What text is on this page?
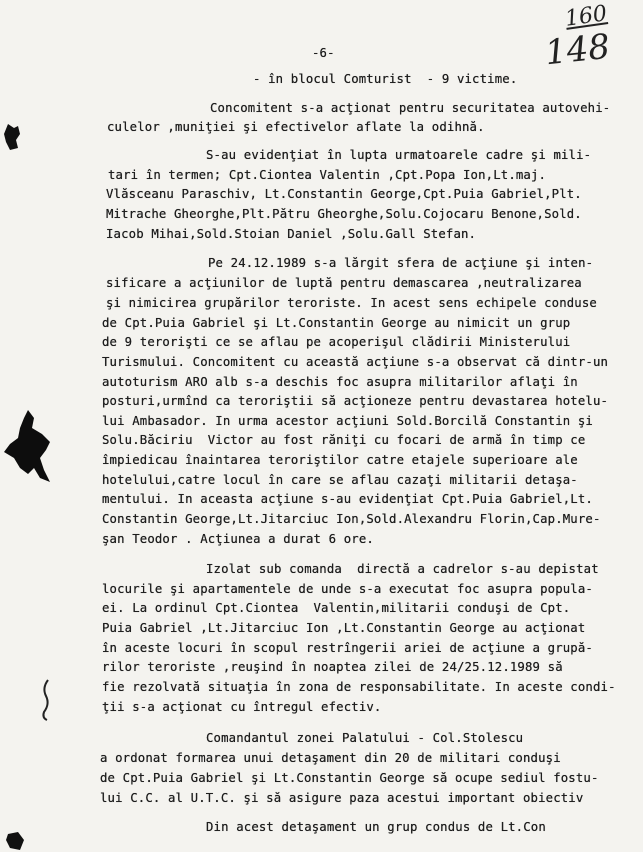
160
148
-6-
- în blocul Comturist  - 9 victime.
Concomitent s-a acţionat pentru securitatea autovehi-
culelor ,muniţiei şi efectivelor aflate la odihnă.
S-au evidenţiat în lupta urmatoarele cadre şi mili-
tari în termen; Cpt.Ciontea Valentin ,Cpt.Popa Ion,Lt.maj.
Vlăsceanu Paraschiv, Lt.Constantin George,Cpt.Puia Gabriel,Plt.
Mitrache Gheorghe,Plt.Pătru Gheorghe,Solu.Cojocaru Benone,Sold.
Iacob Mihai,Sold.Stoian Daniel ,Solu.Gall Stefan.
Pe 24.12.1989 s-a lărgit sfera de acţiune şi inten-
sificare a acţiunilor de luptă pentru demascarea ,neutralizarea
şi nimicirea grupărilor teroriste. In acest sens echipele conduse
de Cpt.Puia Gabriel şi Lt.Constantin George au nimicit un grup
de 9 terorişti ce se aflau pe acoperişul clădirii Ministerului
Turismului. Concomitent cu această acţiune s-a observat că dintr-un
autoturism ARO alb s-a deschis foc asupra militarilor aflaţi în
posturi,urmînd ca teroriştii să acţioneze pentru devastarea hotelu-
lui Ambasador. In urma acestor acţiuni Sold.Borcilă Constantin şi
Solu.Băciriu  Victor au fost răniţi cu focari de armă în timp ce
împiedicau înaintarea teroriştilor catre etajele superioare ale
hotelului,catre locul în care se aflau cazaţi militarii detaşa-
mentului. In aceasta acţiune s-au evidenţiat Cpt.Puia Gabriel,Lt.
Constantin George,Lt.Jitarciuc Ion,Sold.Alexandru Florin,Cap.Mure-
şan Teodor . Acţiunea a durat 6 ore.
Izolat sub comanda  directă a cadrelor s-au depistat
locurile şi apartamentele de unde s-a executat foc asupra popula-
ei. La ordinul Cpt.Ciontea  Valentin,militarii conduşi de Cpt.
Puia Gabriel ,Lt.Jitarciuc Ion ,Lt.Constantin George au acţionat
în aceste locuri în scopul restrîngerii ariei de acţiune a grupă-
rilor teroriste ,reuşind în noaptea zilei de 24/25.12.1989 să
fie rezolvată situaţia în zona de responsabilitate. In aceste condi-
ţii s-a acţionat cu întregul efectiv.
Comandantul zonei Palatului - Col.Stolescu
a ordonat formarea unui detaşament din 20 de militari conduşi
de Cpt.Puia Gabriel şi Lt.Constantin George să ocupe sediul fostu-
lui C.C. al U.T.C. şi să asigure paza acestui important obiectiv
Din acest detaşament un grup condus de Lt.Con
